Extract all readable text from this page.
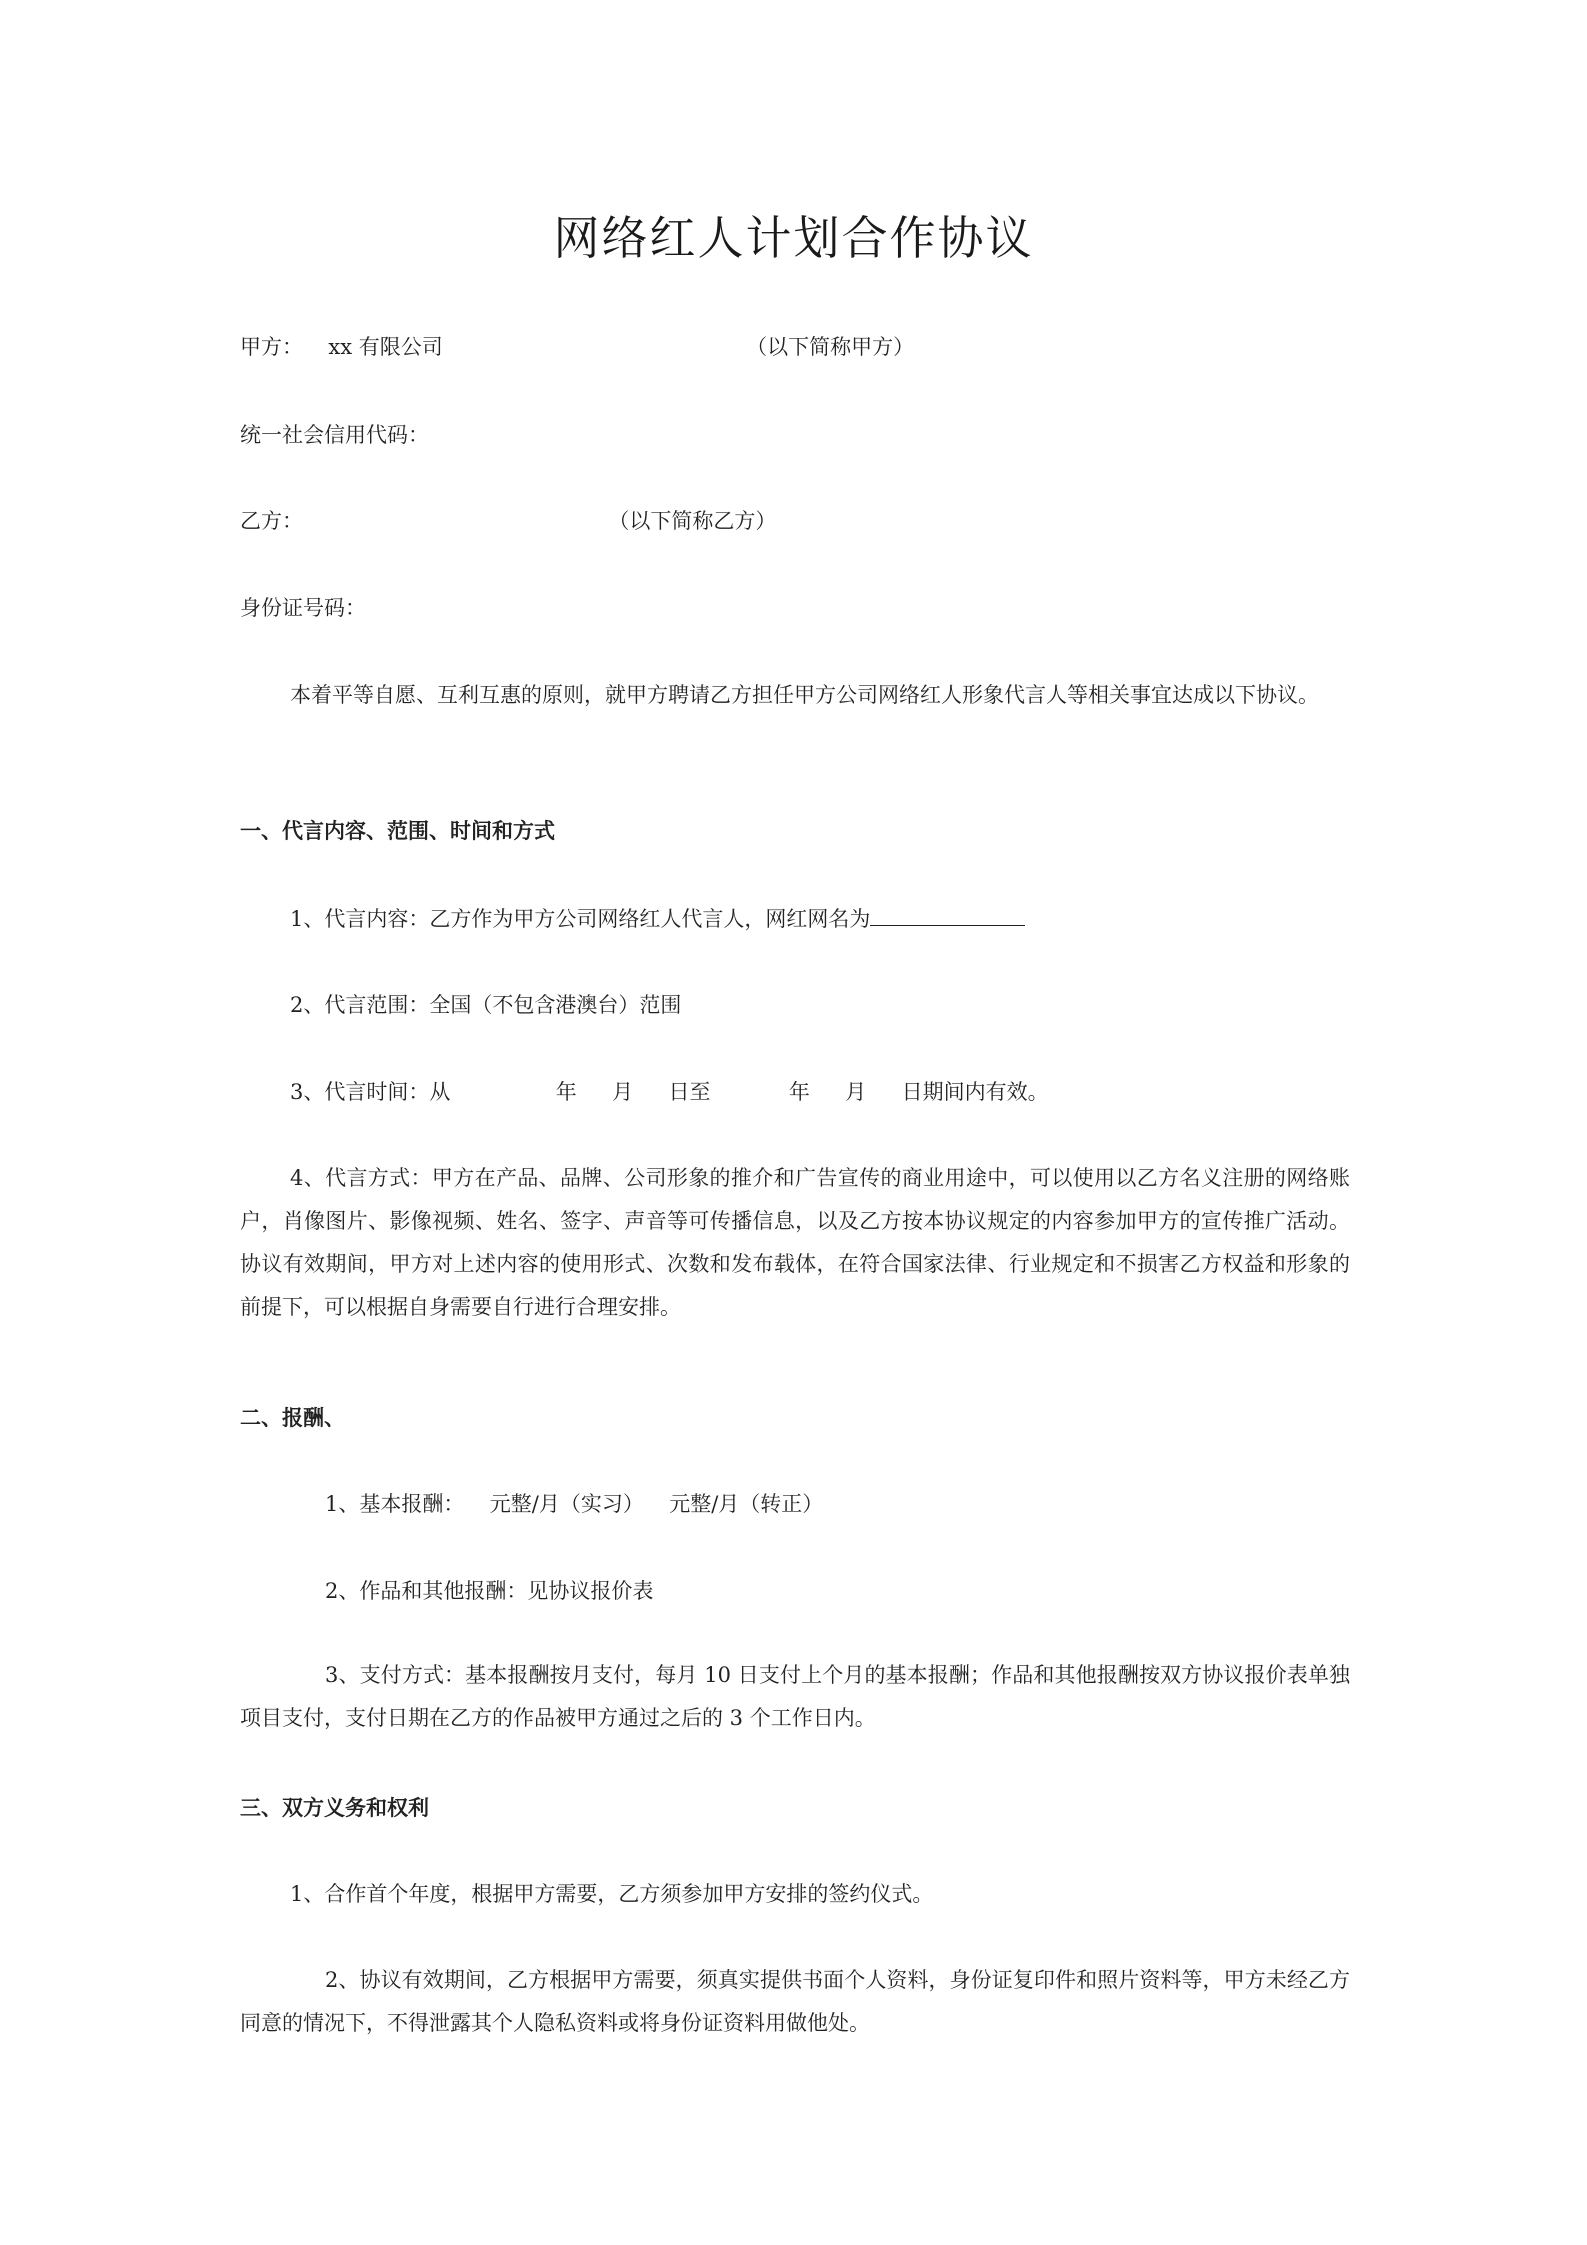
网络红人计划合作协议
甲方： xx 有限公司	（以下简称甲方）
统一社会信用代码：
乙方：	（以下简称乙方）
身份证号码：
本着平等自愿、互利互惠的原则，就甲方聘请乙方担任甲方公司网络红人形象代言人等相关事宜达成以下协议。
一、代言内容、范围、时间和方式
1、代言内容：乙方作为甲方公司网络红人代言人，网红网名为
2、代言范围：全国（不包含港澳台）范围
3、代言时间：从	年 月 日至	年 月 日期间内有效。
4、代言方式：甲方在产品、品牌、公司形象的推介和广告宣传的商业用途中，可以使用以乙方名义注册的网络账户，肖像图片、影像视频、姓名、签字、声音等可传播信息，以及乙方按本协议规定的内容参加甲方的宣传推广活动。协议有效期间，甲方对上述内容的使用形式、次数和发布载体，在符合国家法律、行业规定和不损害乙方权益和形象的前提下，可以根据自身需要自行进行合理安排。
二、报酬、
1、基本报酬： 元整/月（实习） 元整/月（转正）
2、作品和其他报酬：见协议报价表
3、支付方式：基本报酬按月支付，每月 10 日支付上个月的基本报酬；作品和其他报酬按双方协议报价表单独项目支付，支付日期在乙方的作品被甲方通过之后的 3 个工作日内。
三、双方义务和权利
1、合作首个年度，根据甲方需要，乙方须参加甲方安排的签约仪式。
2、协议有效期间，乙方根据甲方需要，须真实提供书面个人资料，身份证复印件和照片资料等，甲方未经乙方同意的情况下，不得泄露其个人隐私资料或将身份证资料用做他处。
